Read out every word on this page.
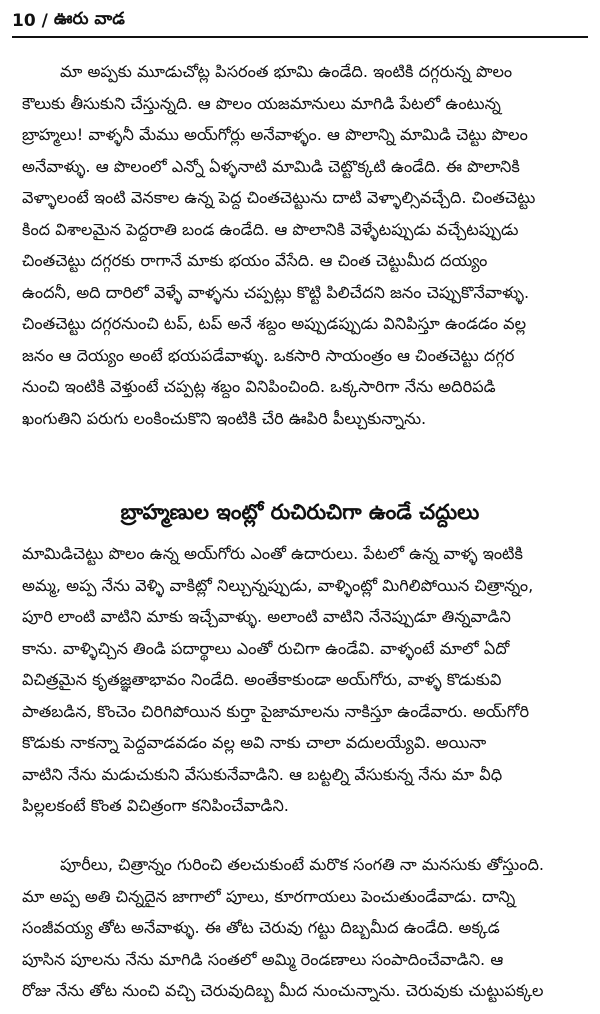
10 / ఊరు వాడ
మా అప్పకు మూడుచోట్ల పిసరంత భూమి ఉండేది. ఇంటికి దగ్గరున్న పొలం
కౌలుకు తీసుకుని చేస్తున్నది. ఆ పొలం యజమానులు మాగిడి పేటలో ఉంటున్న
బ్రాహ్మలు! వాళ్ళనీ మేము అయ్‌గోర్లు అనేవాళ్ళం. ఆ పొలాన్ని మామిడి చెట్టు పొలం
అనేవాళ్ళు. ఆ పొలంలో ఎన్నో ఏళ్ళనాటి మామిడి చెట్టొక్కటి ఉండేది. ఈ పొలానికి
వెళ్ళాలంటే ఇంటి వెనకాల ఉన్న పెద్ద చింతచెట్టును దాటి వెళ్ళాల్సివచ్చేది. చింతచెట్టు
కింద విశాలమైన పెద్దరాతి బండ ఉండేది. ఆ పొలానికి వెళ్ళేటప్పుడు వచ్చేటప్పుడు
చింతచెట్టు దగ్గరకు రాగానే మాకు భయం వేసేది. ఆ చింత చెట్టుమీద దయ్యం
ఉందనీ, అది దారిలో వెళ్ళే వాళ్ళను చప్పట్లు కొట్టి పిలిచేదని జనం చెప్పుకొనేవాళ్ళు.
చింతచెట్టు దగ్గరనుంచి టప్, టప్ అనే శబ్దం అప్పుడప్పుడు వినిపిస్తూ ఉండడం వల్ల
జనం ఆ దెయ్యం అంటే భయపడేవాళ్ళు. ఒకసారి సాయంత్రం ఆ చింతచెట్టు దగ్గర
నుంచి ఇంటికి వెళ్తుంటే చప్పట్ల శబ్దం వినిపించింది. ఒక్కసారిగా నేను అదిరిపడి
ఖంగుతిని పరుగు లంకించుకొని ఇంటికి చేరి ఊపిరి పీల్చుకున్నాను.
బ్రాహ్మణుల ఇంట్లో రుచిరుచిగా ఉండే చద్దులు
మామిడిచెట్టు పొలం ఉన్న అయ్‌గోరు ఎంతో ఉదారులు. పేటలో ఉన్న వాళ్ళ ఇంటికి
అమ్మ, అప్ప నేను వెళ్ళి వాకిట్లో నిల్చున్నప్పుడు, వాళ్ళింట్లో మిగిలిపోయిన చిత్రాన్నం,
పూరి లాంటి వాటిని మాకు ఇచ్చేవాళ్ళు. అలాంటి వాటిని నేనెప్పుడూ తిన్నవాడిని
కాను. వాళ్ళిచ్చిన తిండి పదార్థాలు ఎంతో రుచిగా ఉండేవి. వాళ్ళంటే మాలో ఏదో
విచిత్రమైన కృతజ్ఞతాభావం నిండేది. అంతేకాకుండా అయ్‌గోరు, వాళ్ళ కొడుకువి
పాతబడిన, కొంచెం చిరిగిపోయిన కుర్తా పైజామాలను నాకిస్తూ ఉండేవారు. అయ్‌గోరి
కొడుకు నాకన్నా పెద్దవాడవడం వల్ల అవి నాకు చాలా వదులయ్యేవి. అయినా
వాటిని నేను మడుచుకుని వేసుకునేవాడిని. ఆ బట్టల్ని వేసుకున్న నేను మా వీధి
పిల్లలకంటే కొంత విచిత్రంగా కనిపించేవాడిని.
పూరీలు, చిత్రాన్నం గురించి తలచుకుంటే మరొక సంగతి నా మనసుకు తోస్తుంది.
మా అప్ప అతి చిన్నదైన జాగాలో పూలు, కూరగాయలు పెంచుతుండేవాడు. దాన్ని
సంజీవయ్య తోట అనేవాళ్ళు. ఈ తోట చెరువు గట్టు దిబ్బమీద ఉండేది. అక్కడ
పూసిన పూలను నేను మాగిడి సంతలో అమ్మి రెండణాలు సంపాదించేవాడిని. ఆ
రోజు నేను తోట నుంచి వచ్చి చెరువుదిబ్బ మీద నుంచున్నాను. చెరువుకు చుట్టుపక్కల
